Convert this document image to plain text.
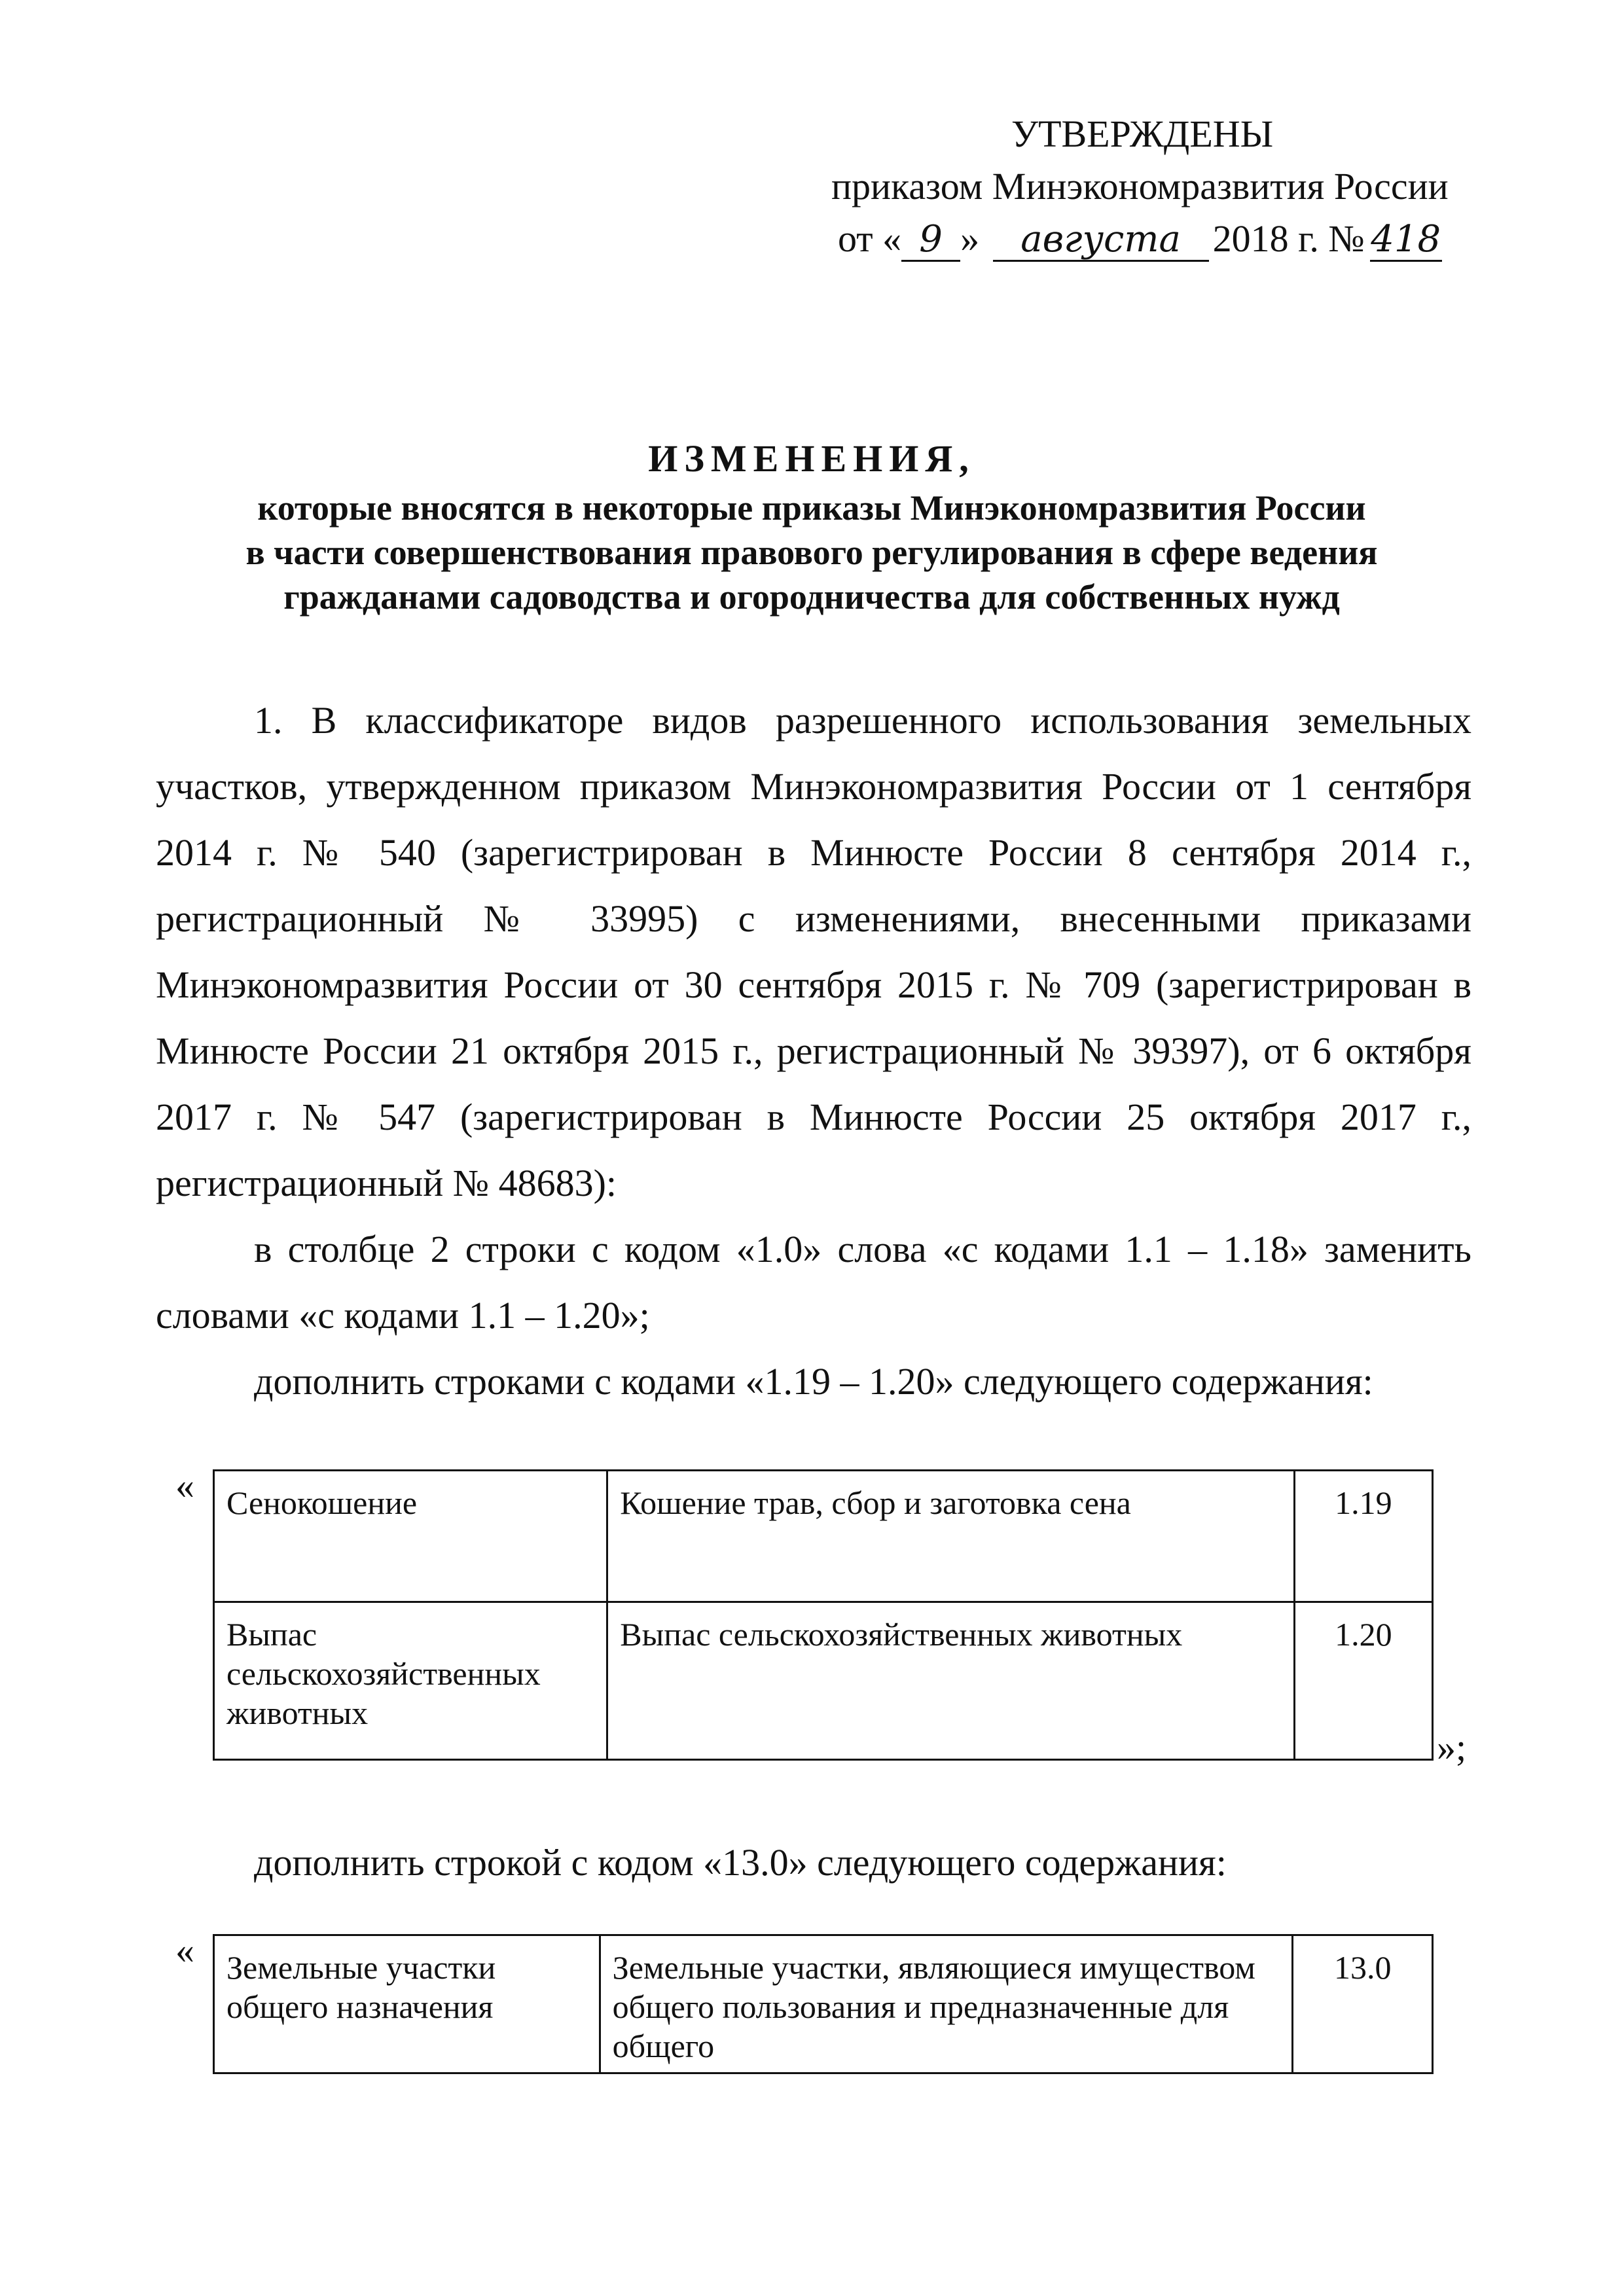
УТВЕРЖДЕНЫ
приказом Минэкономразвития России
от « 9 » августа 2018 г. № 418
ИЗМЕНЕНИЯ,
которые вносятся в некоторые приказы Минэкономразвития России
в части совершенствования правового регулирования в сфере ведения
гражданами садоводства и огородничества для собственных нужд

1. В классификаторе видов разрешенного использования земельных участков, утвержденном приказом Минэкономразвития России от 1 сентября 2014 г. № 540 (зарегистрирован в Минюсте России 8 сентября 2014 г., регистрационный № 33995) с изменениями, внесенными приказами Минэкономразвития России от 30 сентября 2015 г. № 709 (зарегистрирован в Минюсте России 21 октября 2015 г., регистрационный № 39397), от 6 октября 2017 г. № 547 (зарегистрирован в Минюсте России 25 октября 2017 г., регистрационный № 48683):

в столбце 2 строки с кодом «1.0» слова «с кодами 1.1 – 1.18» заменить словами «с кодами 1.1 – 1.20»;

дополнить строками с кодами «1.19 – 1.20» следующего содержания:

« Сенокошение	Кошение трав, сбор и заготовка сена	1.19
Выпас сельскохозяйственных животных	Выпас сельскохозяйственных животных	1.20
»;

дополнить строкой с кодом «13.0» следующего содержания:

« Земельные участки общего назначения	Земельные участки, являющиеся имуществом общего пользования и предназначенные для общего	13.0
